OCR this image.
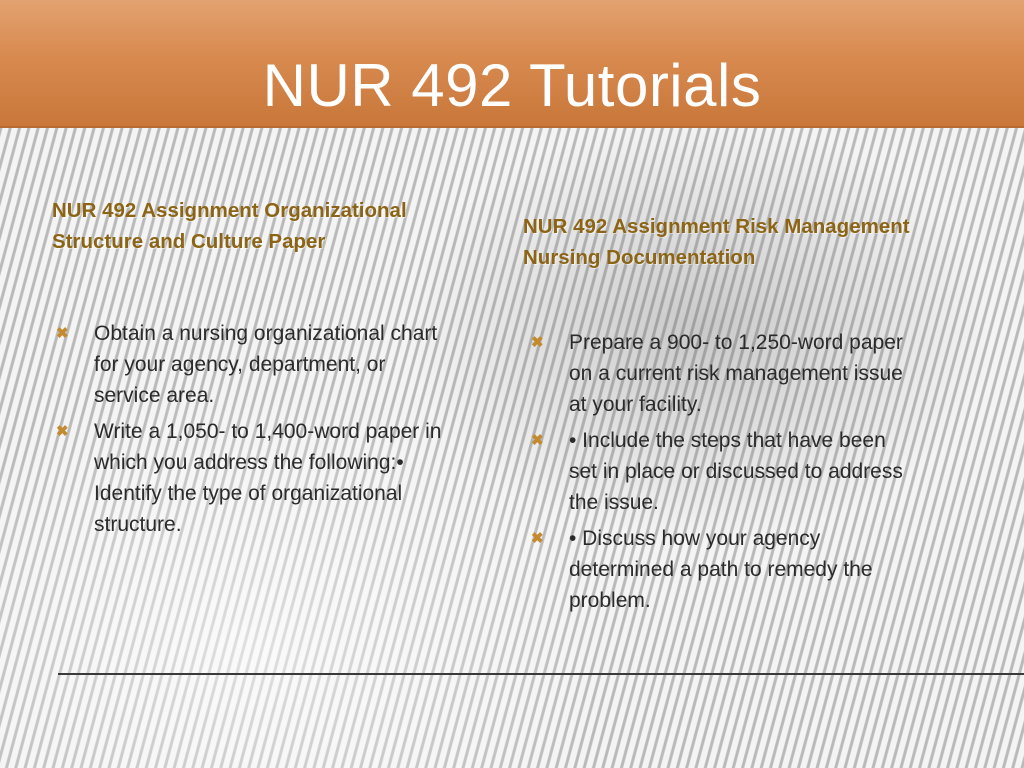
NUR 492 Tutorials
NUR 492 Assignment Organizational Structure and Culture Paper
✖ Obtain a nursing organizational chart for your agency, department, or service area.
✖ Write a 1,050- to 1,400-word paper in which you address the following:• Identify the type of organizational structure.
NUR 492 Assignment Risk Management Nursing Documentation
✖ Prepare a 900- to 1,250-word paper on a current risk management issue at your facility.
✖ • Include the steps that have been set in place or discussed to address the issue.
✖ • Discuss how your agency determined a path to remedy the problem.
